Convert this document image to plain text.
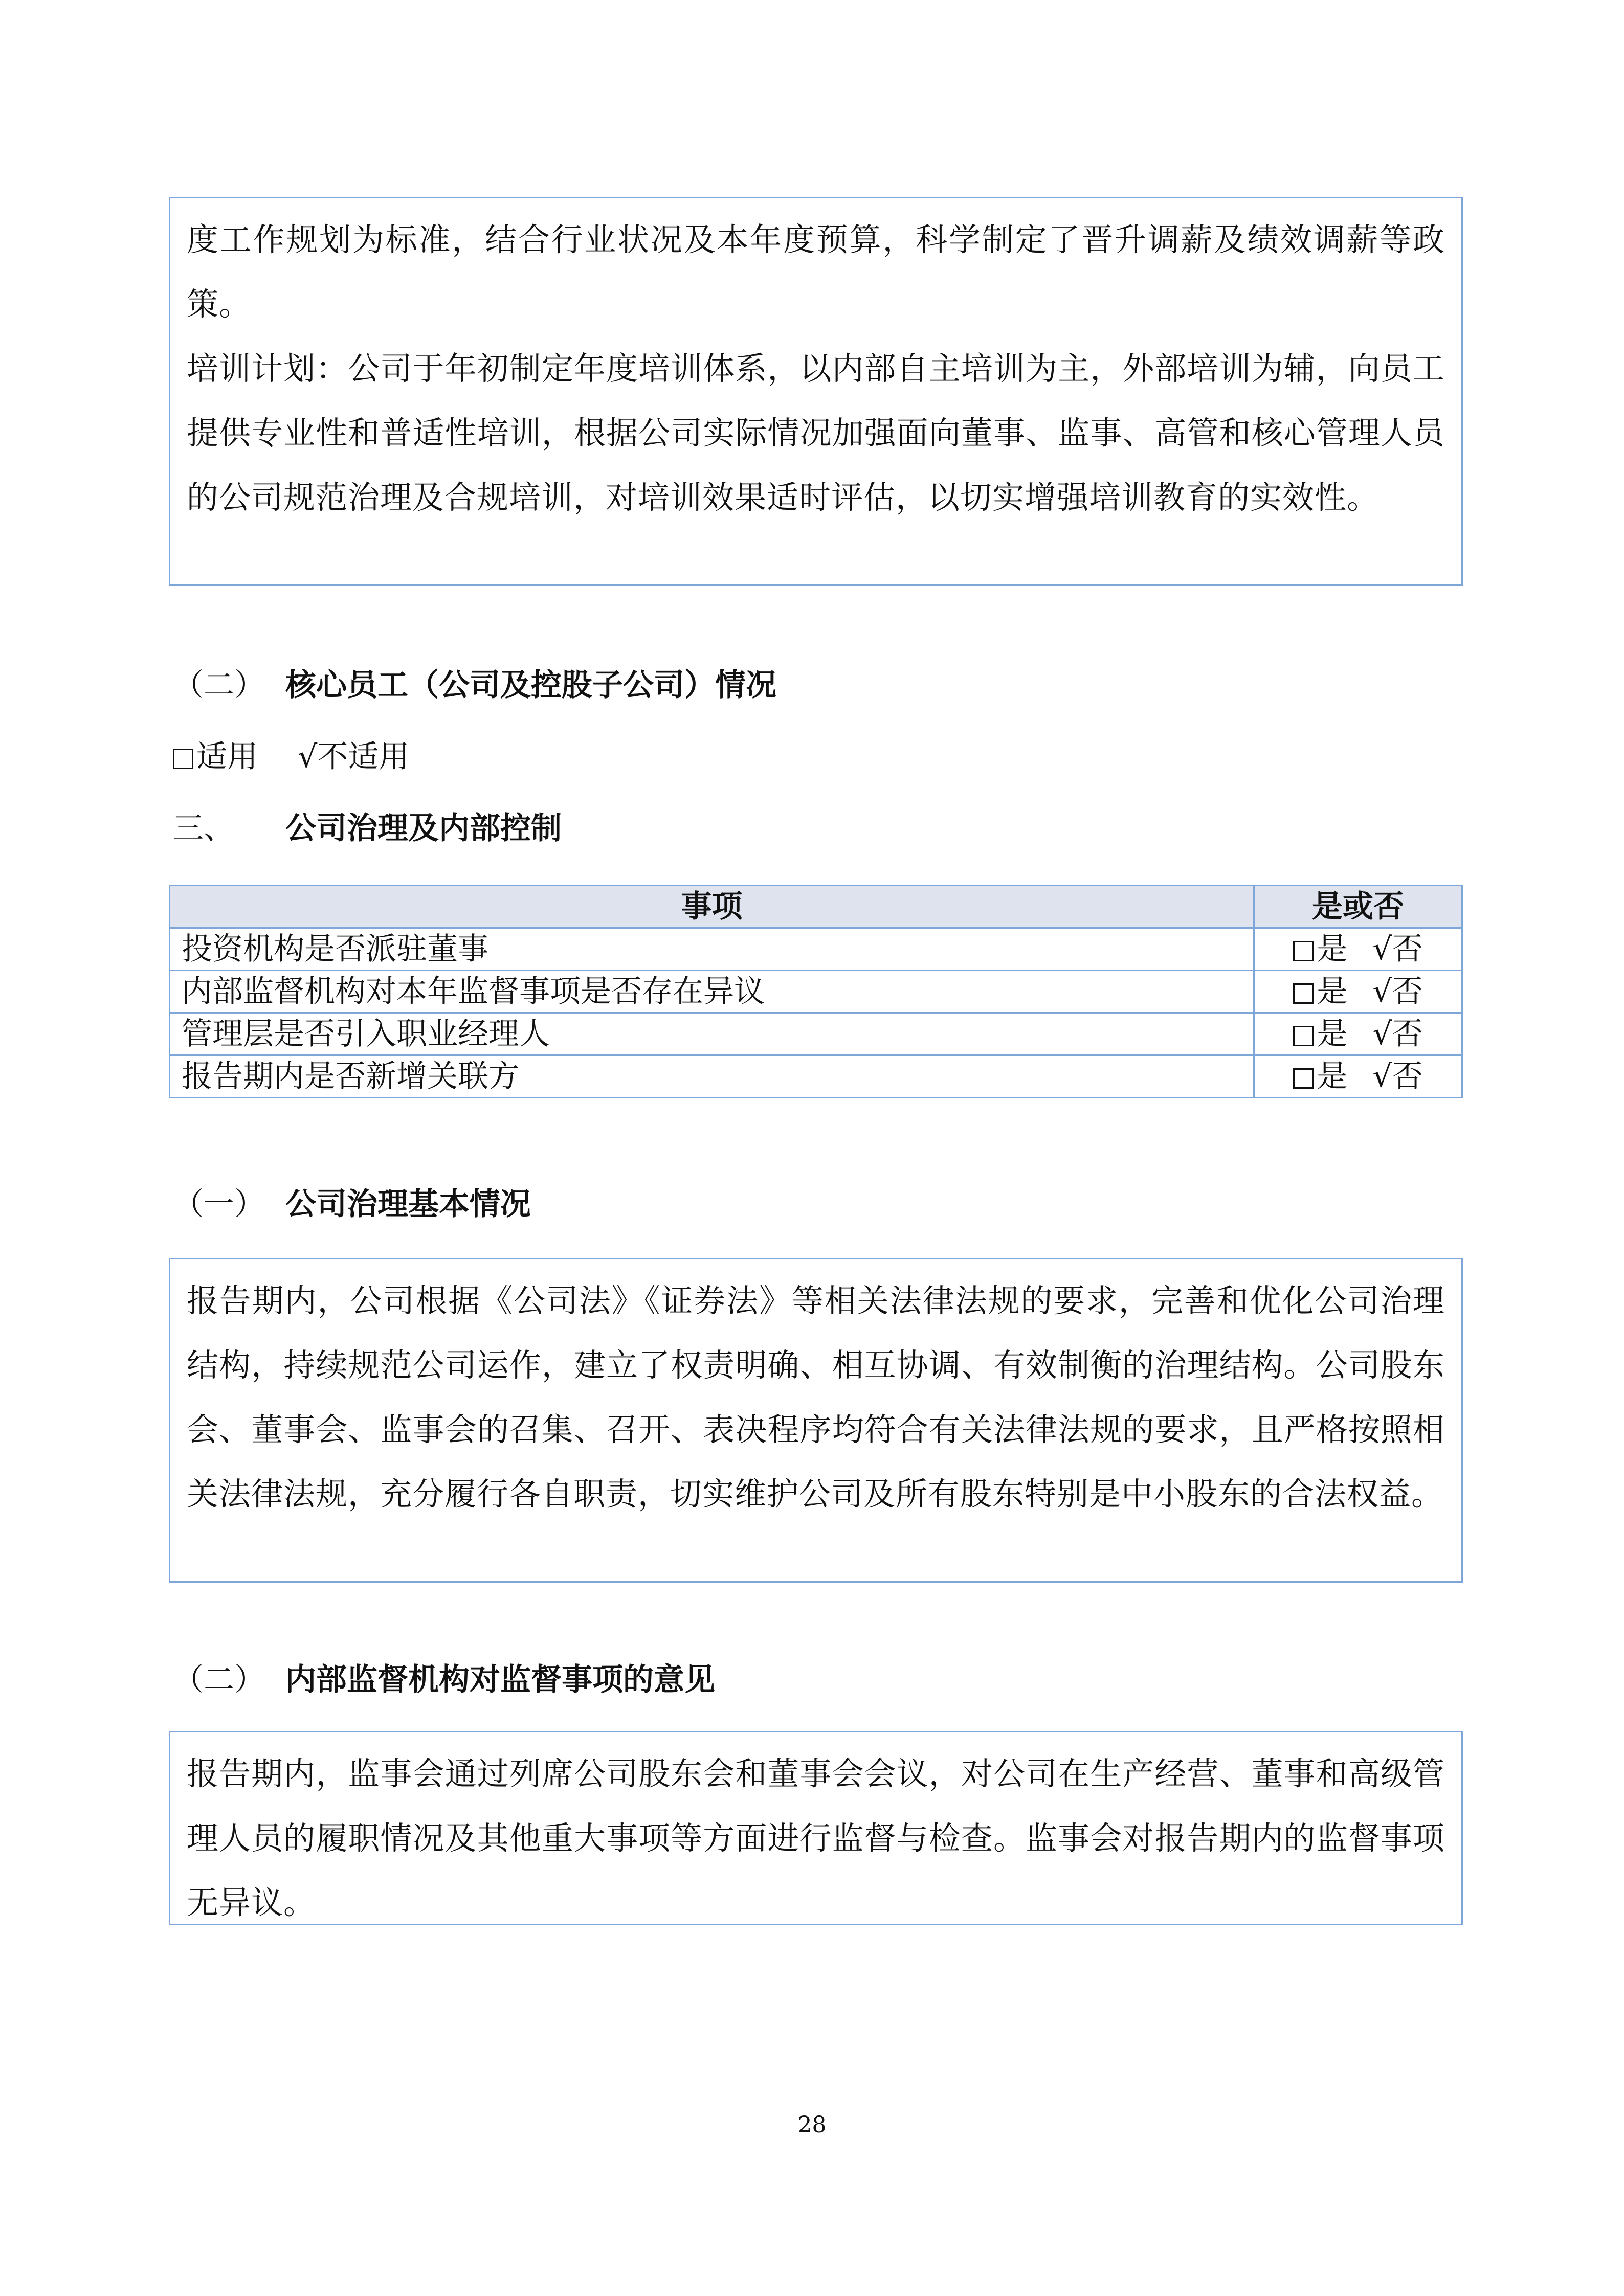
度工作规划为标准，结合行业状况及本年度预算，科学制定了晋升调薪及绩效调薪等政策。

培训计划：公司于年初制定年度培训体系，以内部自主培训为主，外部培训为辅，向员工提供专业性和普适性培训，根据公司实际情况加强面向董事、监事、高管和核心管理人员的公司规范治理及合规培训，对培训效果适时评估，以切实增强培训教育的实效性。

（二） 核心员工（公司及控股子公司）情况
适用 √不适用
三、 公司治理及内部控制
事项	是或否
投资机构是否派驻董事	是 √否
内部监督机构对本年监督事项是否存在异议	是 √否
管理层是否引入职业经理人	是 √否
报告期内是否新增关联方	是 √否
（一） 公司治理基本情况

报告期内，公司根据《公司法》《证券法》等相关法律法规的要求，完善和优化公司治理结构，持续规范公司运作，建立了权责明确、相互协调、有效制衡的治理结构。公司股东会、董事会、监事会的召集、召开、表决程序均符合有关法律法规的要求，且严格按照相关法律法规，充分履行各自职责，切实维护公司及所有股东特别是中小股东的合法权益。

（二） 内部监督机构对监督事项的意见

报告期内，监事会通过列席公司股东会和董事会会议，对公司在生产经营、董事和高级管理人员的履职情况及其他重大事项等方面进行监督与检查。监事会对报告期内的监督事项无异议。

28
